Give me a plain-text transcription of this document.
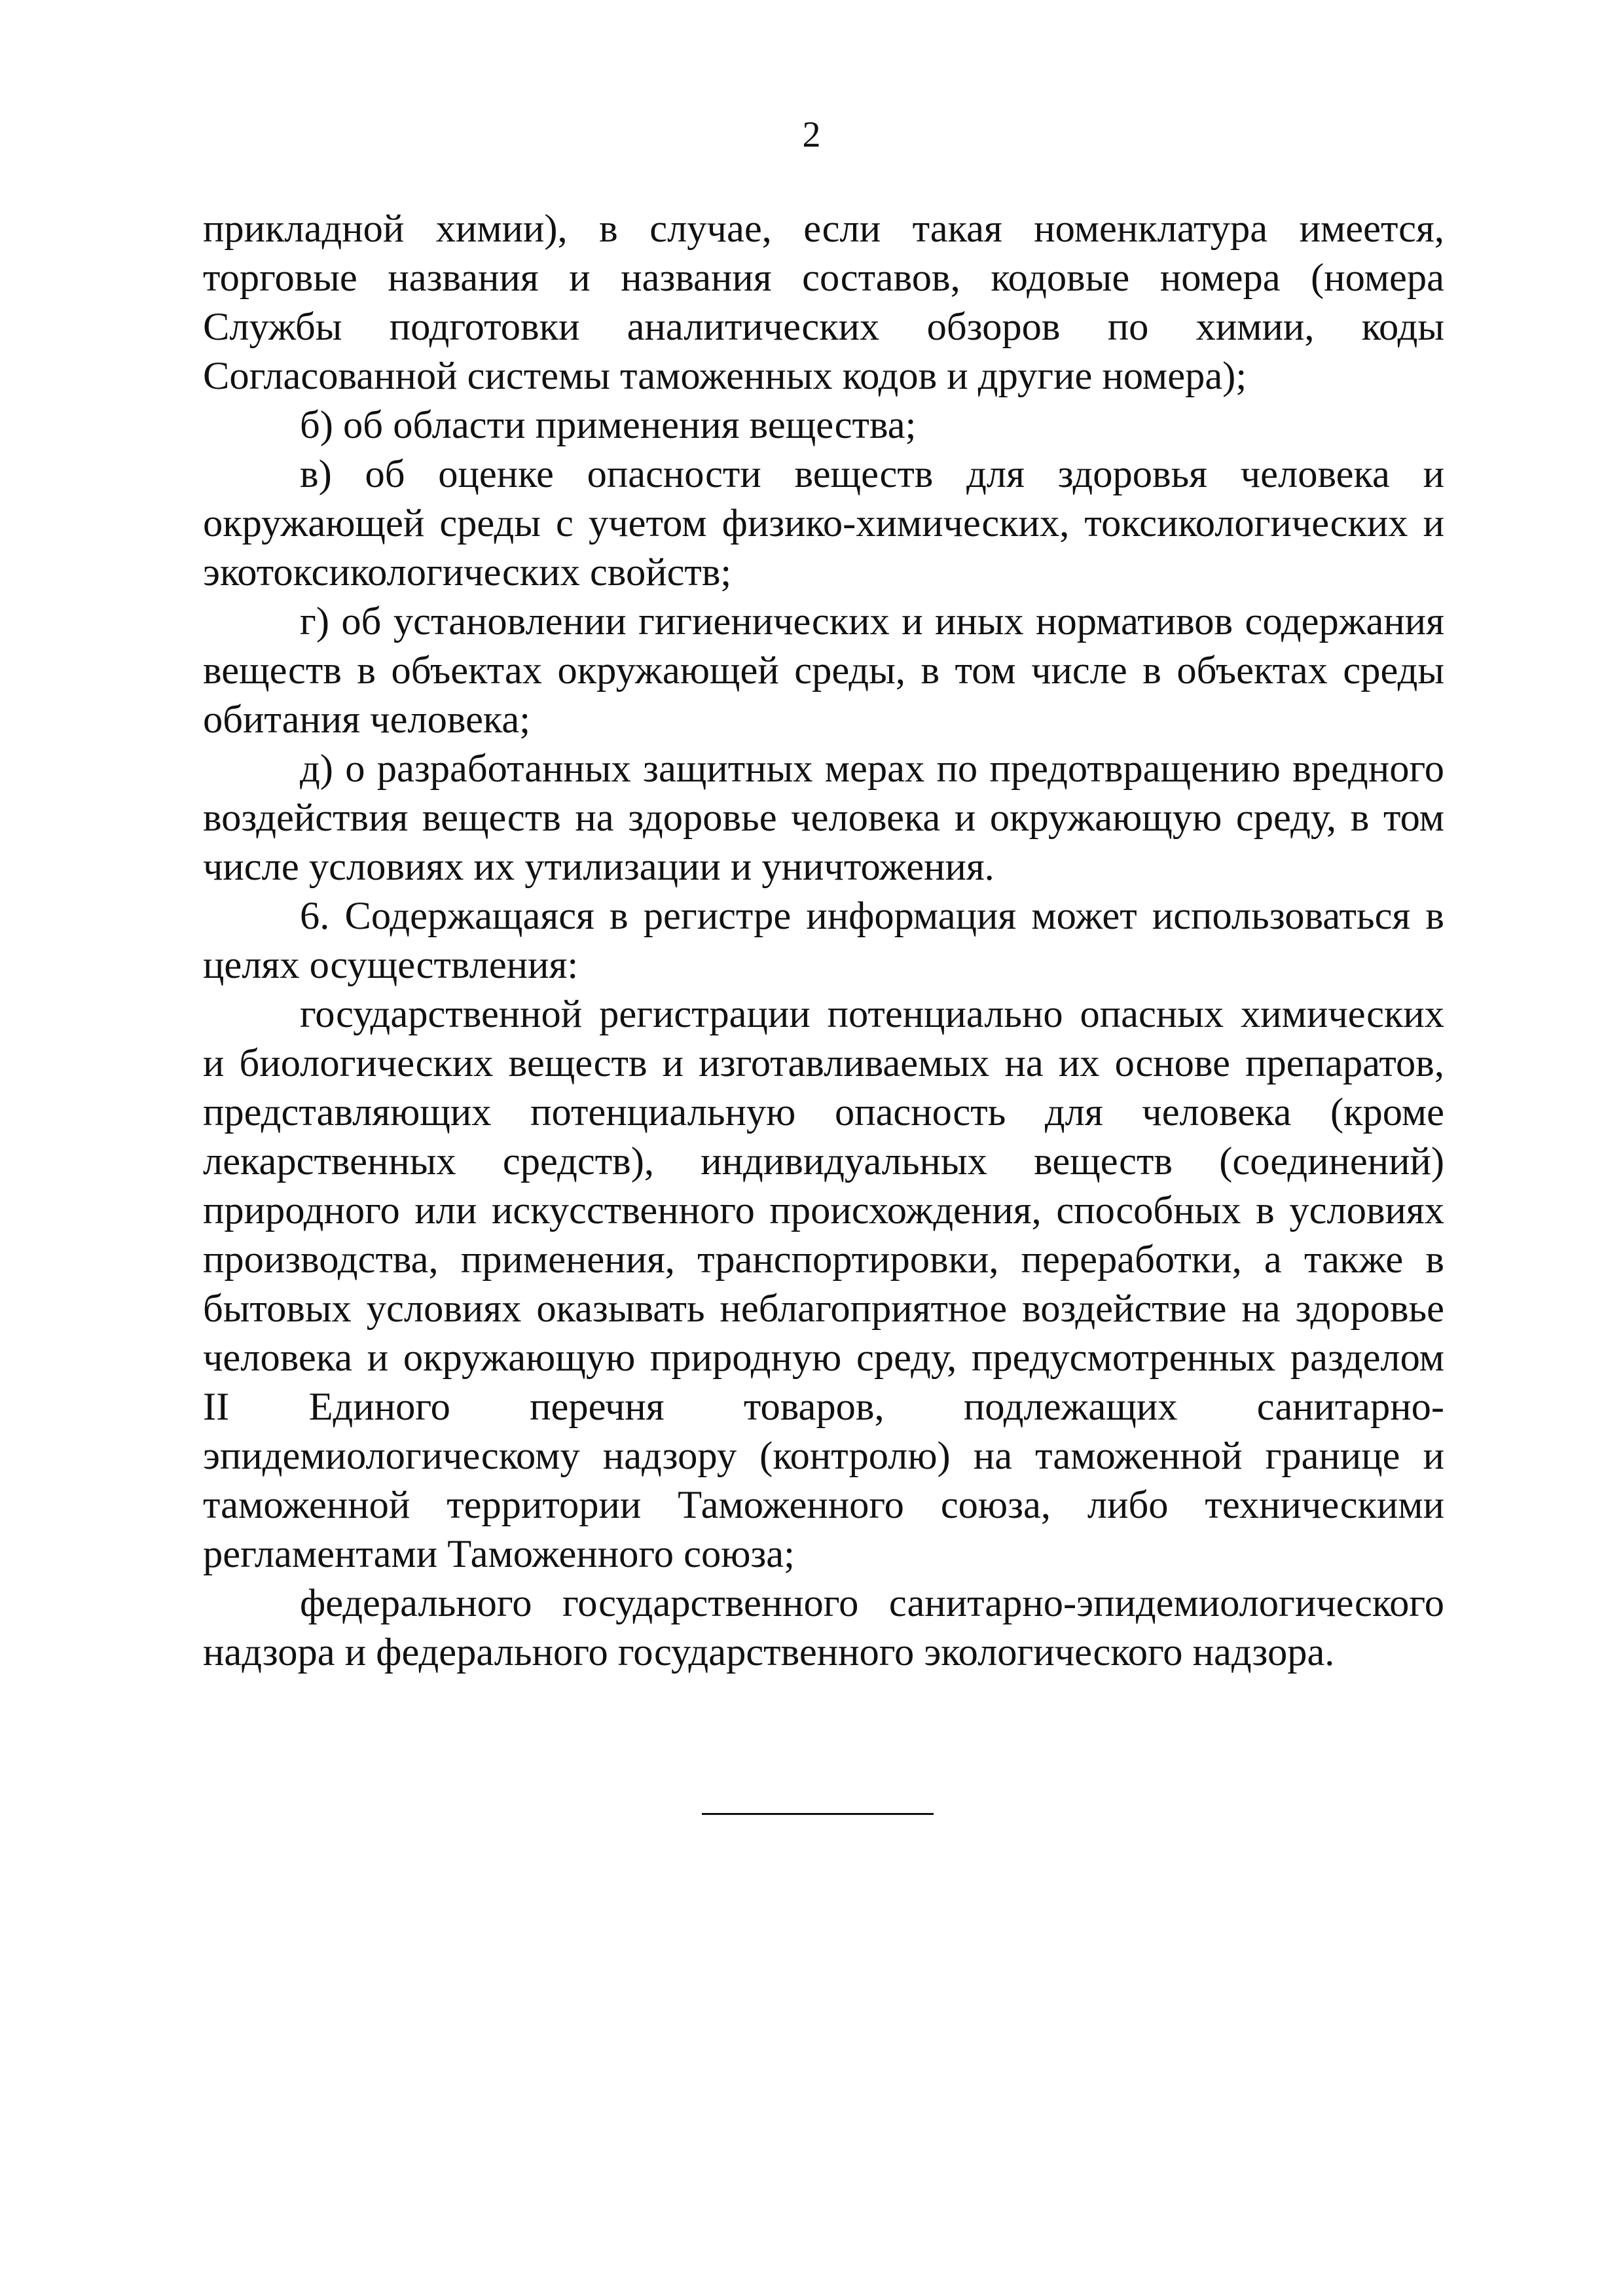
2

прикладной химии), в случае, если такая номенклатура имеется, торговые названия и названия составов, кодовые номера (номера Службы подготовки аналитических обзоров по химии, коды Согласованной системы таможенных кодов и другие номера);

б) об области применения вещества;

в) об оценке опасности веществ для здоровья человека и окружающей среды с учетом физико-химических, токсикологических и экотоксикологических свойств;

г) об установлении гигиенических и иных нормативов содержания веществ в объектах окружающей среды, в том числе в объектах среды обитания человека;

д) о разработанных защитных мерах по предотвращению вредного воздействия веществ на здоровье человека и окружающую среду, в том числе условиях их утилизации и уничтожения.

6. Содержащаяся в регистре информация может использоваться в целях осуществления:

государственной регистрации потенциально опасных химических и биологических веществ и изготавливаемых на их основе препаратов, представляющих потенциальную опасность для человека (кроме лекарственных средств), индивидуальных веществ (соединений) природного или искусственного происхождения, способных в условиях производства, применения, транспортировки, переработки, а также в бытовых условиях оказывать неблагоприятное воздействие на здоровье человека и окружающую природную среду, предусмотренных разделом II Единого перечня товаров, подлежащих санитарно-эпидемиологическому надзору (контролю) на таможенной границе и таможенной территории Таможенного союза, либо техническими регламентами Таможенного союза;

федерального государственного санитарно-эпидемиологического надзора и федерального государственного экологического надзора.
